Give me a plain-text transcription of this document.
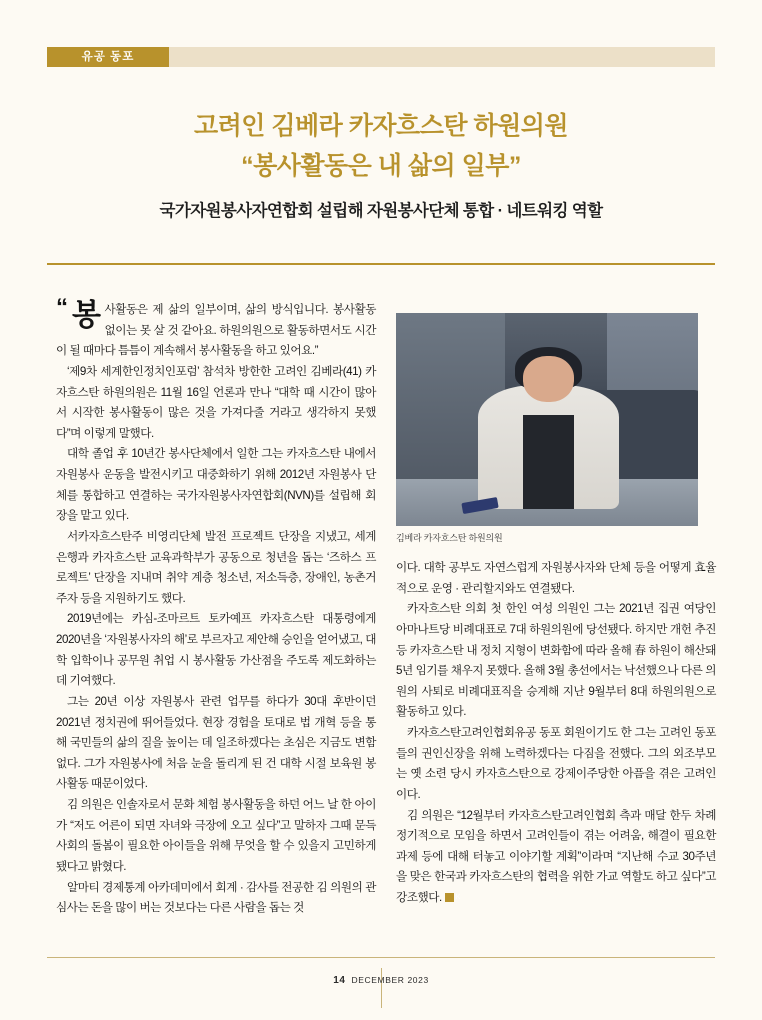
유공 동포
고려인 김베라 카자흐스탄 하원의원
“봉사활동은 내 삶의 일부”
국가자원봉사자연합회 설립해 자원봉사단체 통합 · 네트워킹 역할
김베라 카자흐스탄 하원의원
“ 봉 사활동은 제 삶의 일부이며, 삶의 방식입니다. 봉사활동 없이는 못 살 것 같아요. 하원의원으로 활동하면서도 시간이 될 때마다 틈틈이 계속해서 봉사활동을 하고 있어요.”

‘제9차 세계한인정치인포럼’ 참석차 방한한 고려인 김베라(41) 카자흐스탄 하원의원은 11월 16일 언론과 만나 “대학 때 시간이 많아서 시작한 봉사활동이 많은 것을 가져다줄 거라고 생각하지 못했다”며 이렇게 말했다.

대학 졸업 후 10년간 봉사단체에서 일한 그는 카자흐스탄 내에서 자원봉사 운동을 발전시키고 대중화하기 위해 2012년 자원봉사 단체를 통합하고 연결하는 국가자원봉사자연합회(NVN)를 설립해 회장을 맡고 있다.

서카자흐스탄주 비영리단체 발전 프로젝트 단장을 지냈고, 세계은행과 카자흐스탄 교육과학부가 공동으로 청년을 돕는 ‘즈하스 프로젝트’ 단장을 지내며 취약 계층 청소년, 저소득층, 장애인, 농촌거주자 등을 지원하기도 했다.

2019년에는 카심-조마르트 토카예프 카자흐스탄 대통령에게 2020년을 ‘자원봉사자의 해’로 부르자고 제안해 승인을 얻어냈고, 대학 입학이나 공무원 취업 시 봉사활동 가산점을 주도록 제도화하는 데 기여했다.

그는 20년 이상 자원봉사 관련 업무를 하다가 30대 후반이던 2021년 정치권에 뛰어들었다. 현장 경험을 토대로 법 개혁 등을 통해 국민들의 삶의 질을 높이는 데 일조하겠다는 초심은 지금도 변함없다. 그가 자원봉사에 처음 눈을 돌리게 된 건 대학 시절 보육원 봉사활동 때문이었다.

김 의원은 인솔자로서 문화 체험 봉사활동을 하던 어느 날 한 아이가 “저도 어른이 되면 자녀와 극장에 오고 싶다”고 말하자 그때 문득 사회의 돌봄이 필요한 아이들을 위해 무엇을 할 수 있을지 고민하게 됐다고 밝혔다.

알마티 경제통계 아카데미에서 회계 · 감사를 전공한 김 의원의 관심사는 돈을 많이 버는 것보다는 다른 사람을 돕는 것

이다. 대학 공부도 자연스럽게 자원봉사자와 단체 등을 어떻게 효율적으로 운영 · 관리할지와도 연결됐다.

카자흐스탄 의회 첫 한인 여성 의원인 그는 2021년 집권 여당인 아마나트당 비례대표로 7대 하원의원에 당선됐다. 하지만 개헌 추진 등 카자흐스탄 내 정치 지형이 변화함에 따라 올해 春 하원이 해산돼 5년 임기를 채우지 못했다. 올해 3월 총선에서는 낙선했으나 다른 의원의 사퇴로 비례대표직을 승계해 지난 9월부터 8대 하원의원으로 활동하고 있다.

카자흐스탄고려인협회유공 동포 회원이기도 한 그는 고려인 동포들의 권인신장을 위해 노력하겠다는 다짐을 전했다. 그의 외조부모는 옛 소련 당시 카자흐스탄으로 강제이주당한 아픔을 겪은 고려인이다.

김 의원은 “12월부터 카자흐스탄고려인협회 측과 매달 한두 차례 정기적으로 모임을 하면서 고려인들이 겪는 어려움, 해결이 필요한 과제 등에 대해 터놓고 이야기할 계획”이라며 “지난해 수교 30주년을 맞은 한국과 카자흐스탄의 협력을 위한 가교 역할도 하고 싶다”고 강조했다. K

14 DECEMBER 2023
